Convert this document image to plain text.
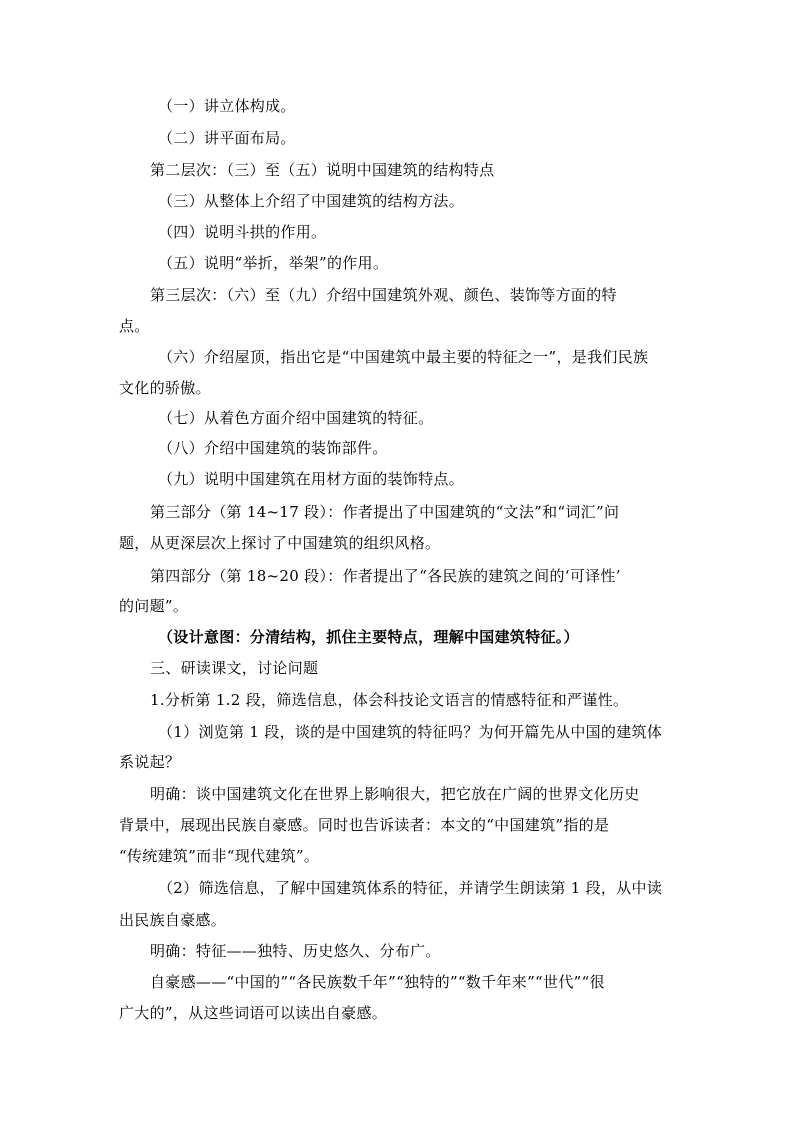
（一）讲立体构成。
（二）讲平面布局。
第二层次：（三）至（五）说明中国建筑的结构特点
（三）从整体上介绍了中国建筑的结构方法。
（四）说明斗拱的作用。
（五）说明“举折，举架”的作用。
第三层次：（六）至（九）介绍中国建筑外观、颜色、装饰等方面的特
点。
（六）介绍屋顶，指出它是“中国建筑中最主要的特征之一”，是我们民族
文化的骄傲。
（七）从着色方面介绍中国建筑的特征。
（八）介绍中国建筑的装饰部件。
（九）说明中国建筑在用材方面的装饰特点。
第三部分（第 14~17 段）：作者提出了中国建筑的“文法”和“词汇”问
题，从更深层次上探讨了中国建筑的组织风格。
第四部分（第 18~20 段）：作者提出了“各民族的建筑之间的‘可译性’
的问题”。
（设计意图：分清结构，抓住主要特点，理解中国建筑特征。）
三、研读课文，讨论问题
1.分析第 1.2 段，筛选信息，体会科技论文语言的情感特征和严谨性。
（1）浏览第 1 段，谈的是中国建筑的特征吗？为何开篇先从中国的建筑体
系说起？
明确：谈中国建筑文化在世界上影响很大，把它放在广阔的世界文化历史
背景中，展现出民族自豪感。同时也告诉读者：本文的“中国建筑”指的是
“传统建筑”而非“现代建筑”。
（2）筛选信息，了解中国建筑体系的特征，并请学生朗读第 1 段，从中读
出民族自豪感。
明确：特征——独特、历史悠久、分布广。
自豪感——“中国的”“各民族数千年”“独特的”“数千年来”“世代”“很
广大的”，从这些词语可以读出自豪感。
